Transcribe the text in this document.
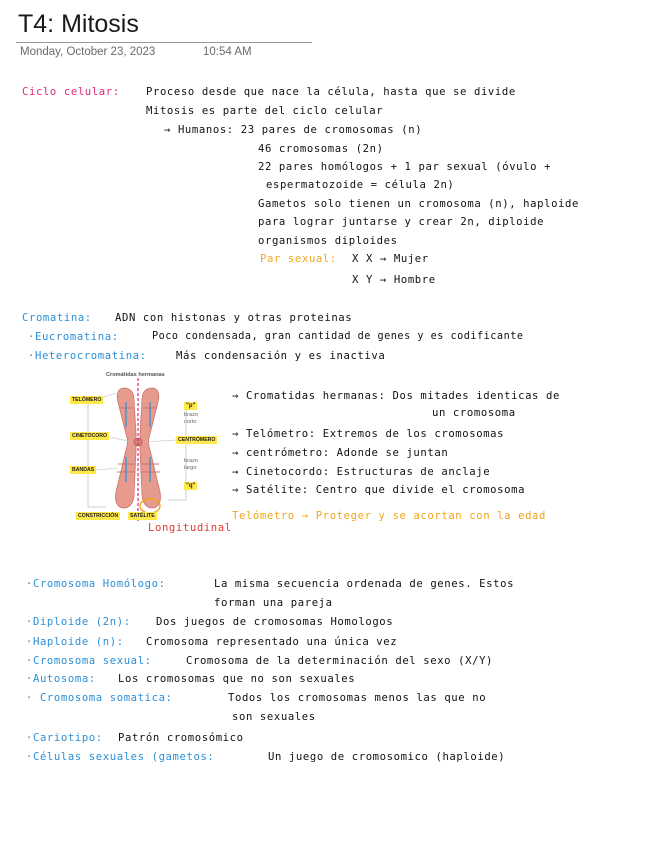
T4: Mitosis
Monday, October 23, 2023	10:54 AM
Ciclo celular: Proceso desde que nace la célula, hasta que se divide
Mitosis es parte del ciclo celular
→ Humanos: 23 pares de cromosomas (n)
46 cromosomas (2n)
22 pares homólogos + 1 par sexual (óvulo +
espermatozoide = célula 2n)
Gametos solo tienen un cromosoma (n), haploide
para lograr juntarse y crear 2n, diploide
organismos diploides
Par sexual: X X → Mujer
X Y → Hombre
Cromatina: ADN con histonas y otras proteinas
·Eucromatina:	Poco condensada, gran cantidad de genes y es codificante
·Heterocromatina:	Más condensación y es inactiva
Cromátidas hermanas
TELÓMERO
CINETOCORO
CENTRÓMERO
BANDAS
CONSTRICCIÓN	SATÉLITE
"p"
brazo
corto
brazo
largo
"q"
→ Cromatidas hermanas: Dos mitades identicas de
un cromosoma
→ Telómetro: Extremos de los cromosomas
→ centrómetro: Adonde se juntan
→ Cinetocordo: Estructuras de anclaje
→ Satélite: Centro que divide el cromosoma
Telómetro → Proteger y se acortan con la edad
Longitudinal
·Cromosoma Homólogo:	La misma secuencia ordenada de genes. Estos
forman una pareja
·Diploide (2n): Dos juegos de cromosomas Homologos
·Haploide (n): Cromosoma representado una única vez
·Cromosoma sexual:	Cromosoma de la determinación del sexo (X/Y)
·Autosoma: Los cromosomas que no son sexuales
· Cromosoma somatica:	Todos los cromosomas menos las que no
son sexuales
·Cariotipo: Patrón cromosómico
·Células sexuales (gametos:	Un juego de cromosomico (haploide)
